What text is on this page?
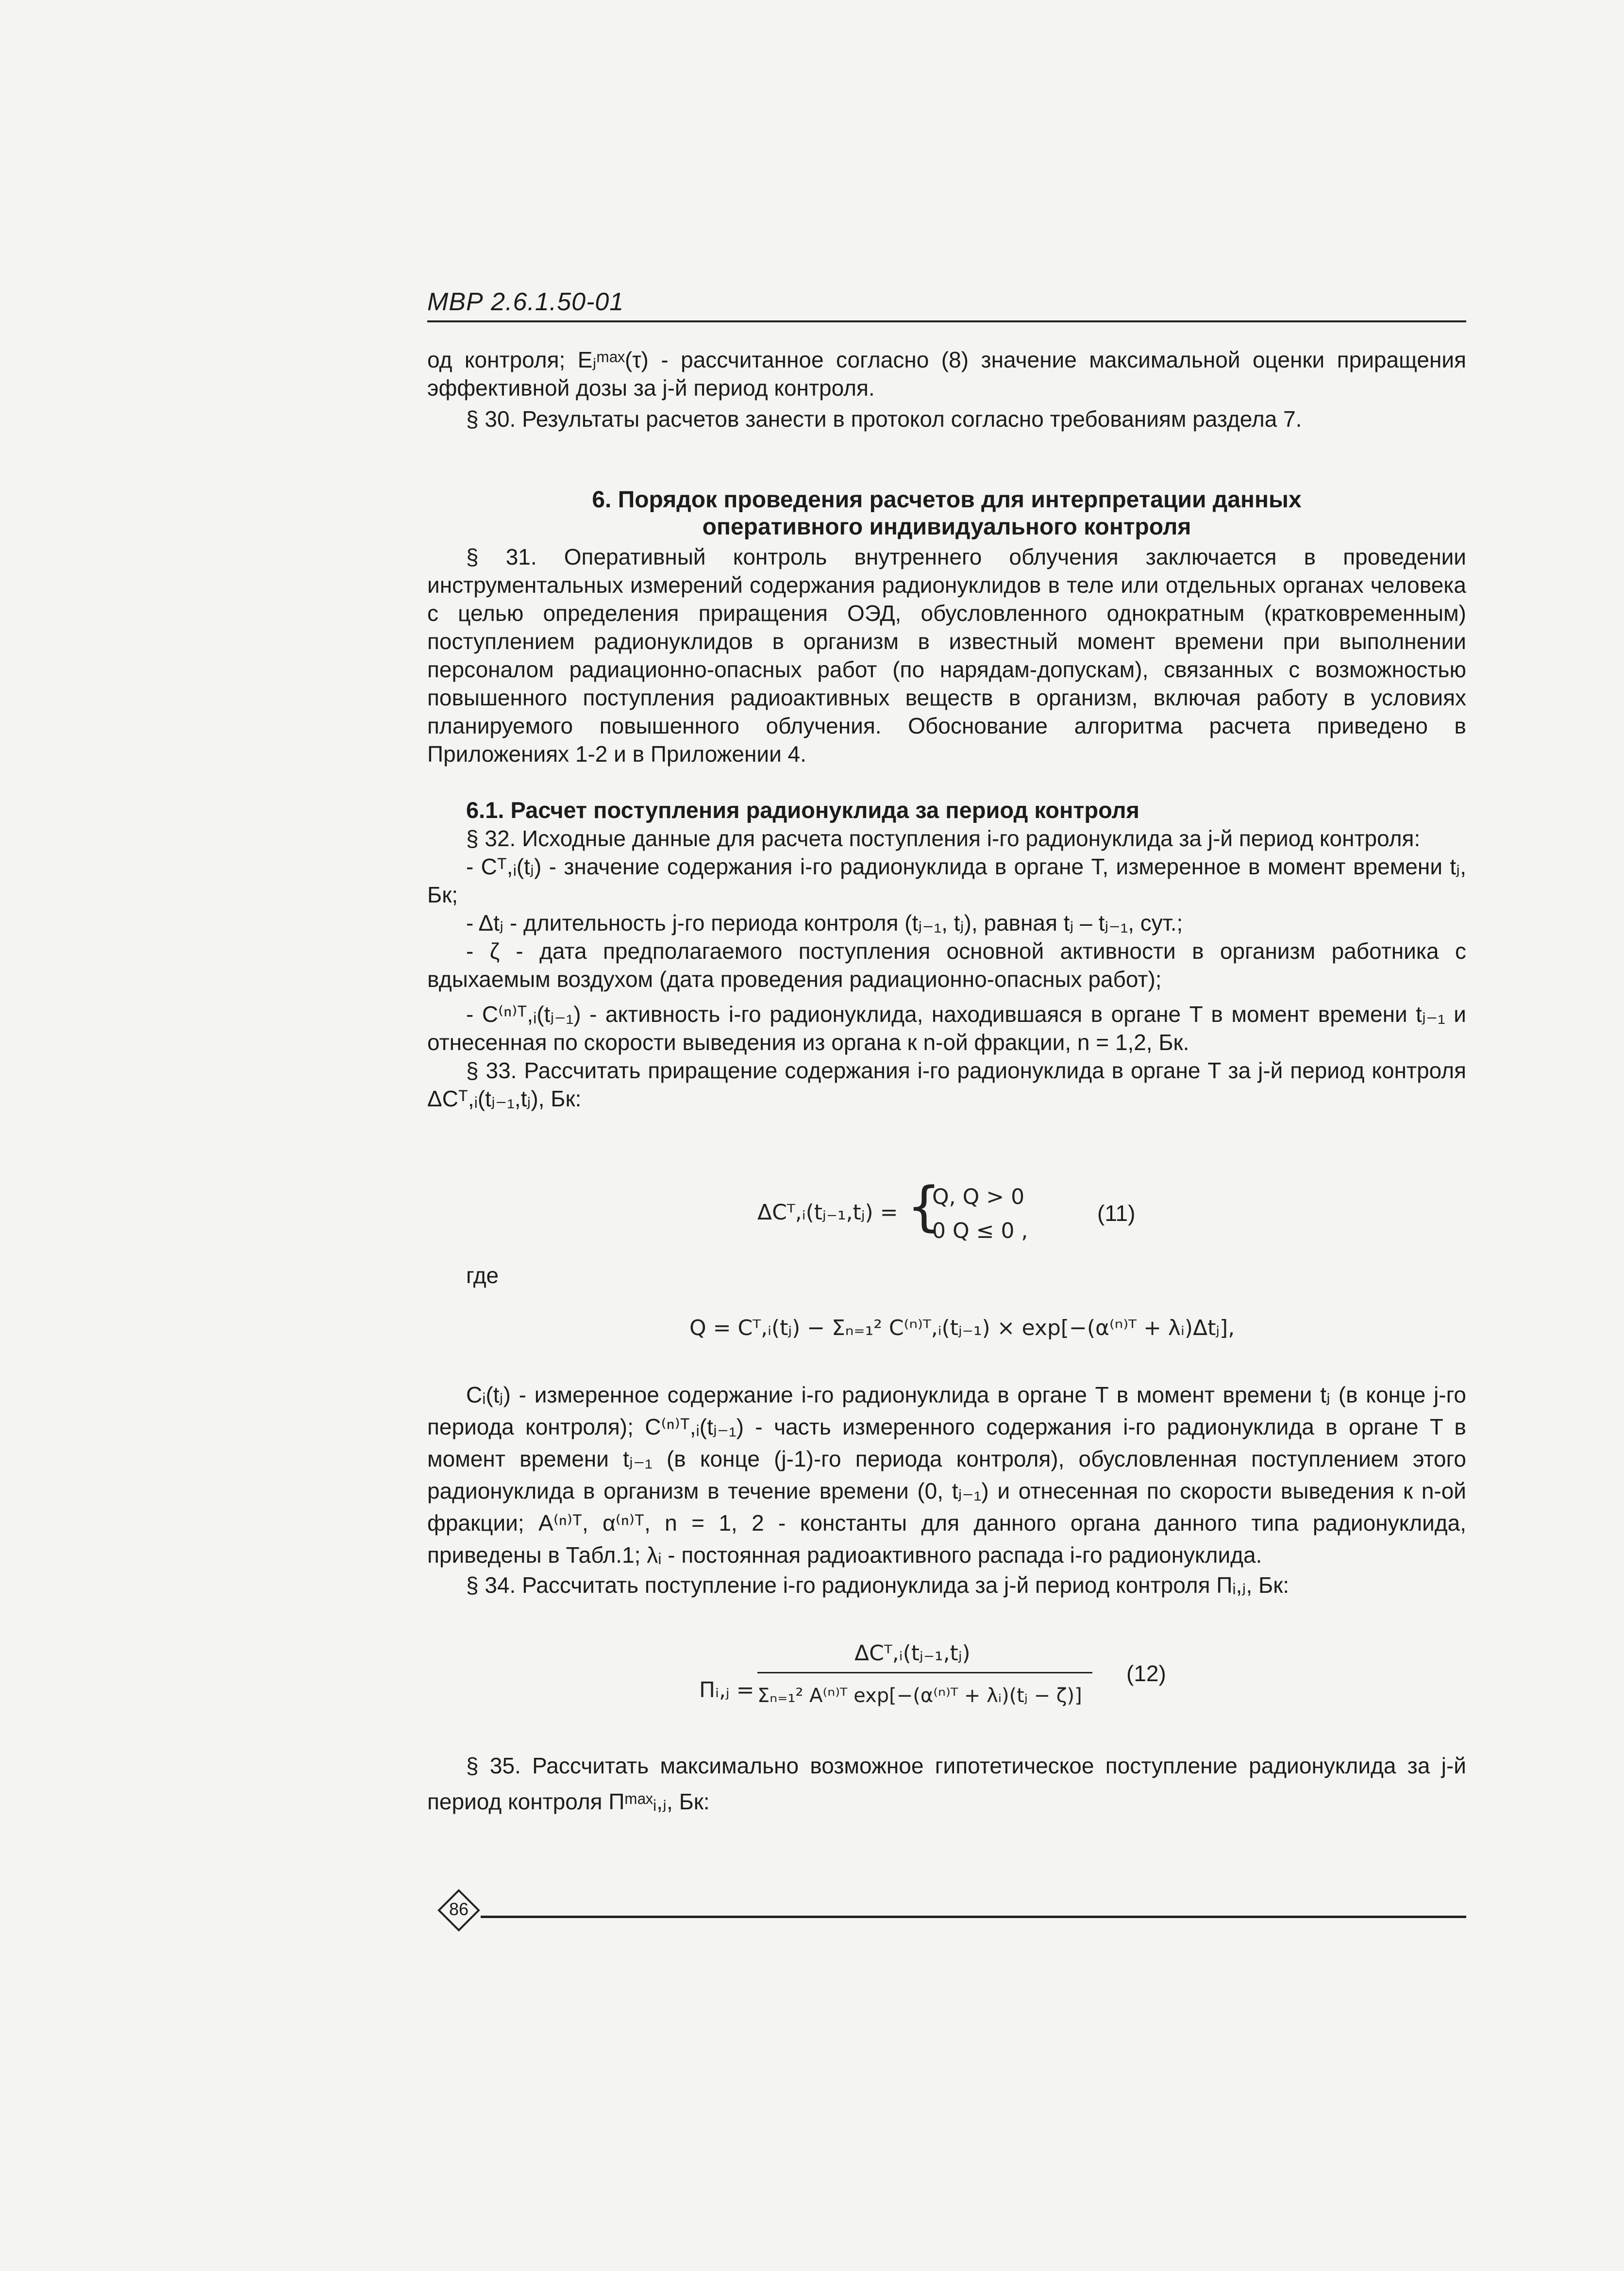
МВР 2.6.1.50-01

од контроля; Eⱼᵐᵃˣ(τ) - рассчитанное согласно (8) значение максимальной оценки приращения эффективной дозы за j-й период контроля.

§ 30. Результаты расчетов занести в протокол согласно требованиям раздела 7.

6. Порядок проведения расчетов для интерпретации данных

оперативного индивидуального контроля

§ 31. Оперативный контроль внутреннего облучения заключается в проведении инструментальных измерений содержания радионуклидов в теле или отдельных органах человека с целью определения приращения ОЭД, обусловленного однократным (кратковременным) поступлением радионуклидов в организм в известный момент времени при выполнении персоналом радиационно-опасных работ (по нарядам-допускам), связанных с возможностью повышенного поступления радиоактивных веществ в организм, включая работу в условиях планируемого повышенного облучения. Обоснование алгоритма расчета приведено в Приложениях 1-2 и в Приложении 4.

6.1. Расчет поступления радионуклида за период контроля

§ 32. Исходные данные для расчета поступления i-го радионуклида за j-й период контроля:

- Cᵀ,ᵢ(tⱼ) - значение содержания i-го радионуклида в органе T, измеренное в момент времени tⱼ, Бк;

- Δtⱼ - длительность j-го периода контроля (tⱼ₋₁, tⱼ), равная tⱼ – tⱼ₋₁, сут.;

- ζ - дата предполагаемого поступления основной активности в организм работника с вдыхаемым воздухом (дата проведения радиационно-опасных работ);

- C⁽ⁿ⁾ᵀ,ᵢ(tⱼ₋₁) - активность i-го радионуклида, находившаяся в органе T в момент времени tⱼ₋₁ и отнесенная по скорости выведения из органа к n-ой фракции, n = 1,2, Бк.

§ 33. Рассчитать приращение содержания i-го радионуклида в органе T за j-й период контроля ΔCᵀ,ᵢ(tⱼ₋₁,tⱼ), Бк:

ΔCᵀ,ᵢ(tⱼ₋₁,tⱼ) = {
Q, Q > 0
0 Q ≤ 0 ,
(11)
где
Q = Cᵀ,ᵢ(tⱼ) − Σₙ₌₁² C⁽ⁿ⁾ᵀ,ᵢ(tⱼ₋₁) × exp[−(α⁽ⁿ⁾ᵀ + λᵢ)Δtⱼ],

Cᵢ(tⱼ) - измеренное содержание i-го радионуклида в органе T в момент времени tⱼ (в конце j-го периода контроля); C⁽ⁿ⁾ᵀ,ᵢ(tⱼ₋₁) - часть измеренного содержания i-го радионуклида в органе T в момент времени tⱼ₋₁ (в конце (j-1)-го периода контроля), обусловленная поступлением этого радионуклида в организм в течение времени (0, tⱼ₋₁) и отнесенная по скорости выведения к n-ой фракции; A⁽ⁿ⁾ᵀ, α⁽ⁿ⁾ᵀ, n = 1, 2 - константы для данного органа данного типа радионуклида, приведены в Табл.1; λᵢ - постоянная радиоактивного распада i-го радионуклида.

§ 34. Рассчитать поступление i-го радионуклида за j-й период контроля Пᵢ,ⱼ, Бк:

Пᵢ,ⱼ =
ΔCᵀ,ᵢ(tⱼ₋₁,tⱼ)
Σₙ₌₁² A⁽ⁿ⁾ᵀ exp[−(α⁽ⁿ⁾ᵀ + λᵢ)(tⱼ − ζ)]
(12)

§ 35. Рассчитать максимально возможное гипотетическое поступление радионуклида за j-й период контроля Пᵐᵃˣᵢ,ⱼ, Бк:

86
